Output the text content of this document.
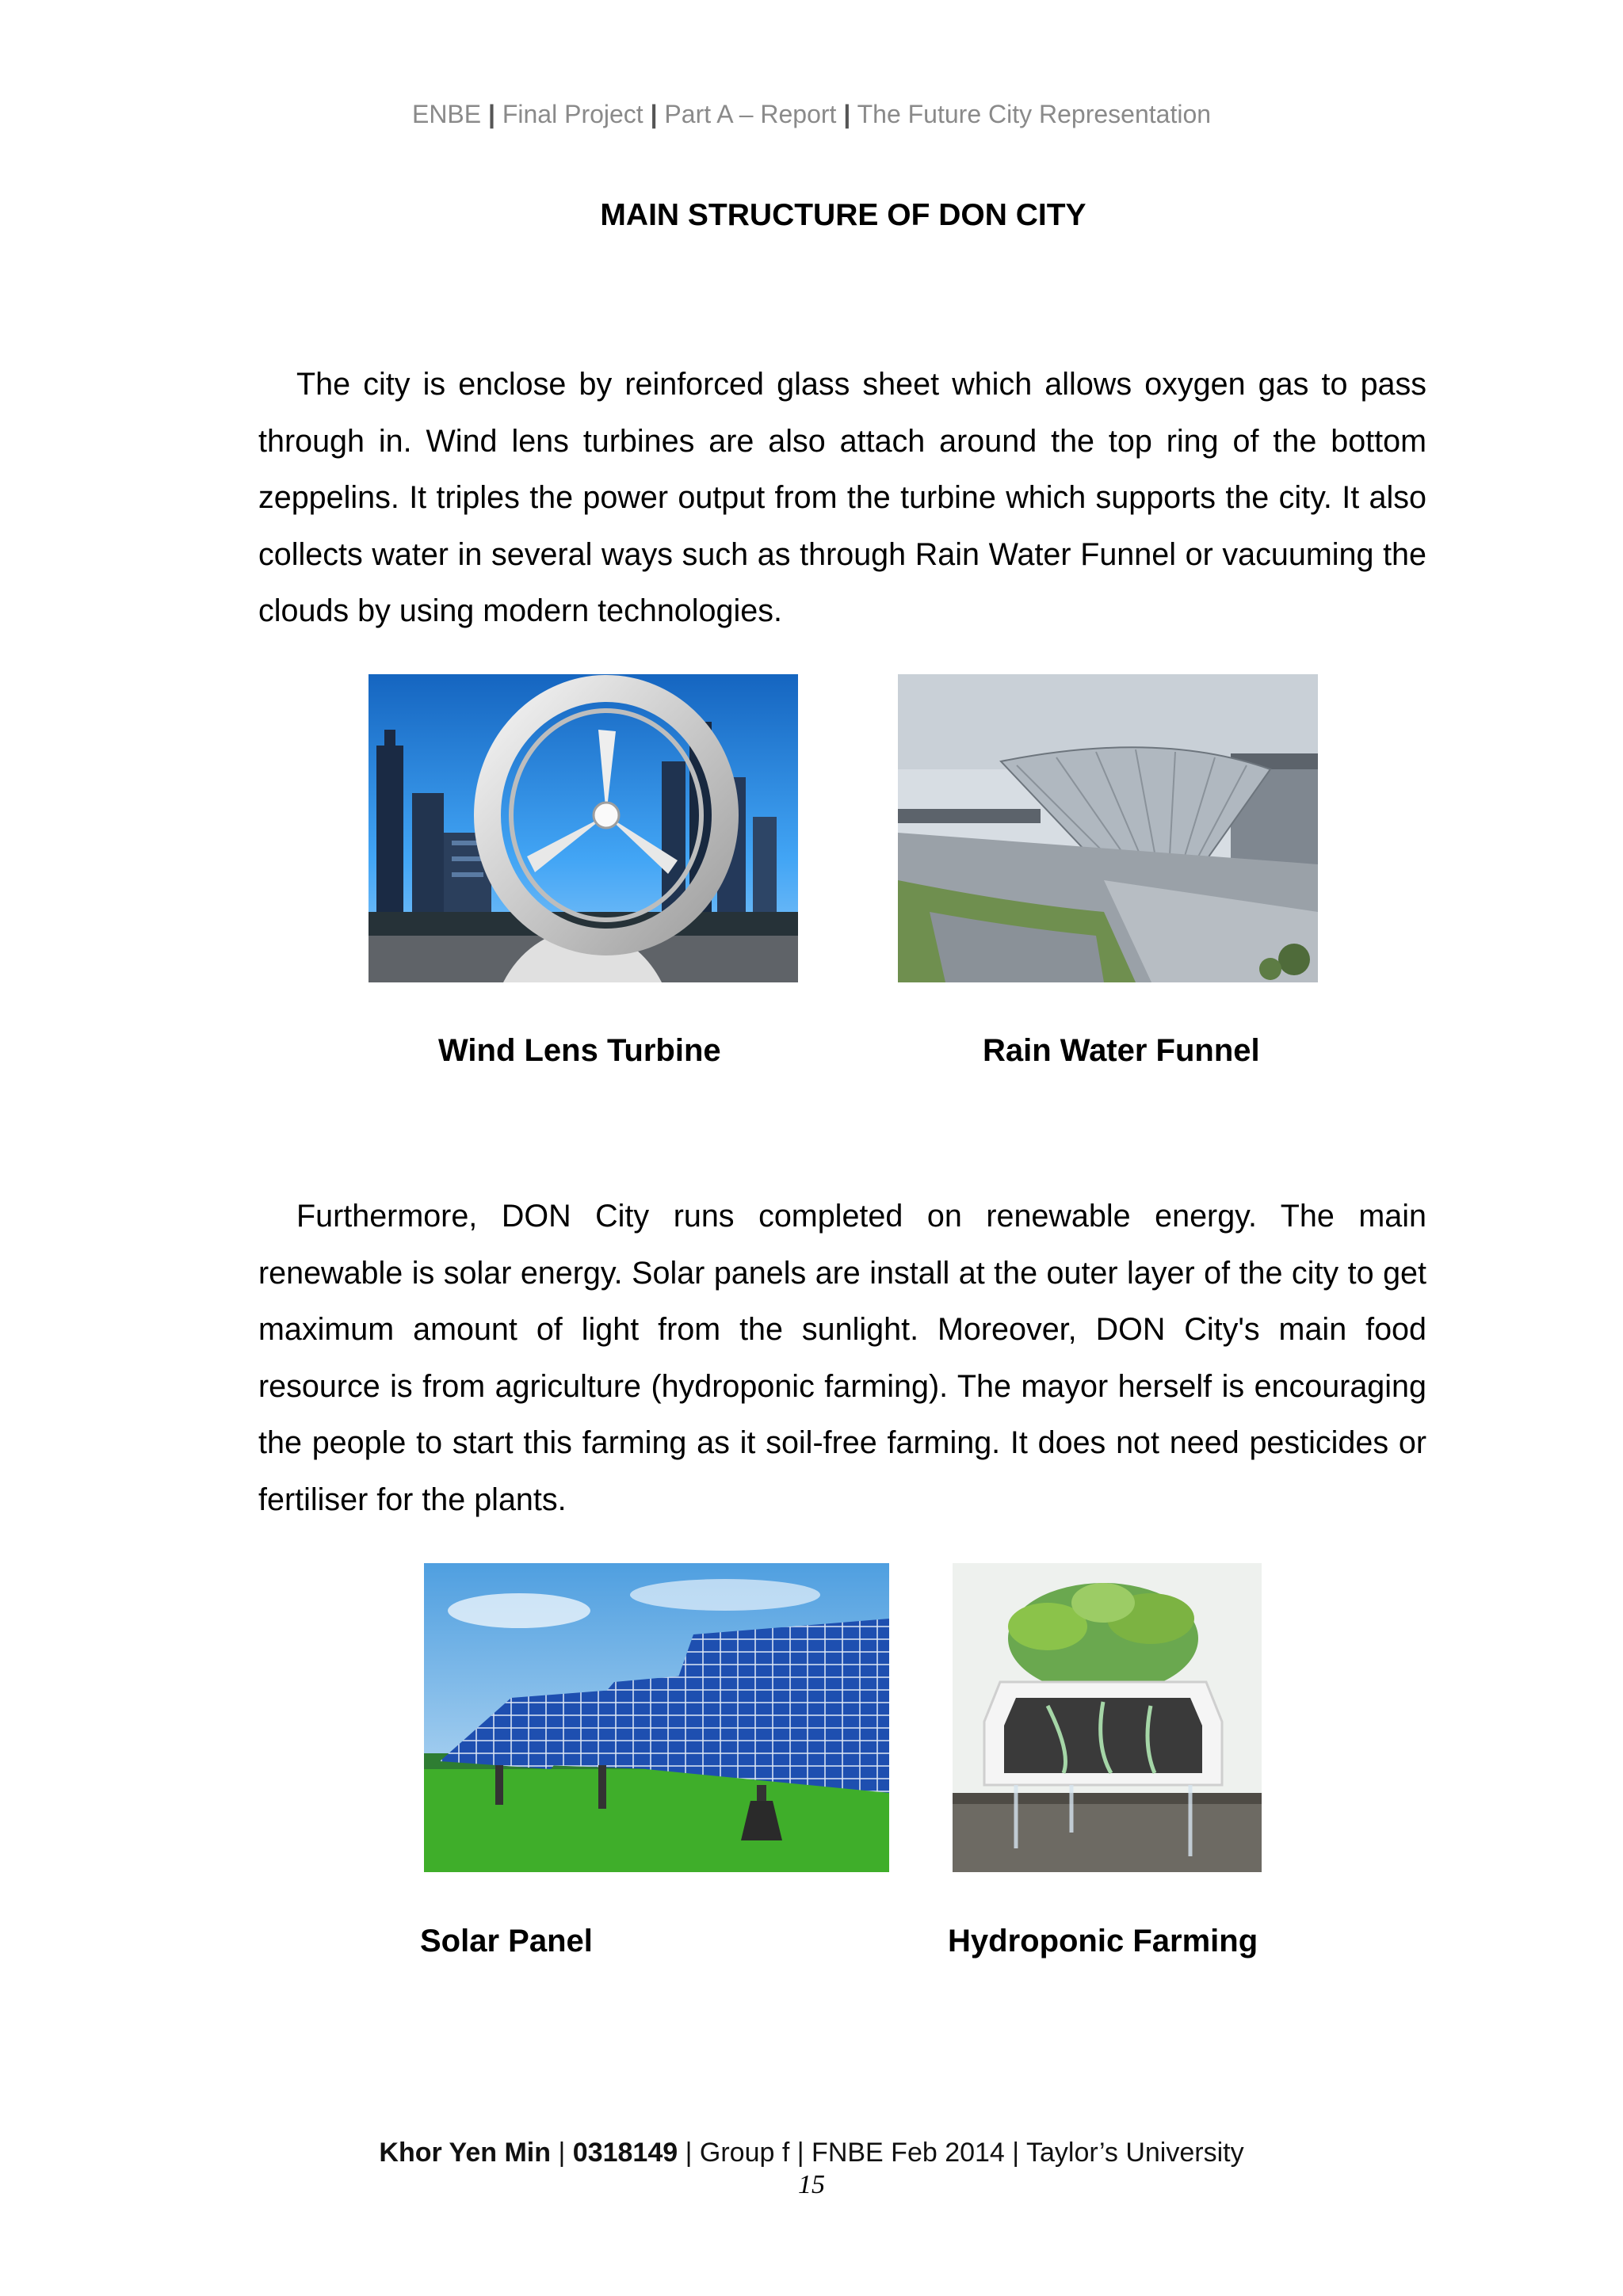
ENBE | Final Project | Part A – Report | The Future City Representation
MAIN STRUCTURE OF DON CITY
The city is enclose by reinforced glass sheet which allows oxygen gas to pass through in. Wind lens turbines are also attach around the top ring of the bottom zeppelins. It triples the power output from the turbine which supports the city. It also collects water in several ways such as through Rain Water Funnel or vacuuming the clouds by using modern technologies.
Wind Lens Turbine	Rain Water Funnel
Furthermore, DON City runs completed on renewable energy. The main renewable is solar energy. Solar panels are install at the outer layer of the city to get maximum amount of light from the sunlight. Moreover, DON City's main food resource is from agriculture (hydroponic farming). The mayor herself is encouraging the people to start this farming as it soil-free farming. It does not need pesticides or fertiliser for the plants.
Solar Panel	Hydroponic Farming
Khor Yen Min | 0318149 | Group f | FNBE Feb 2014 | Taylor’s University
15
